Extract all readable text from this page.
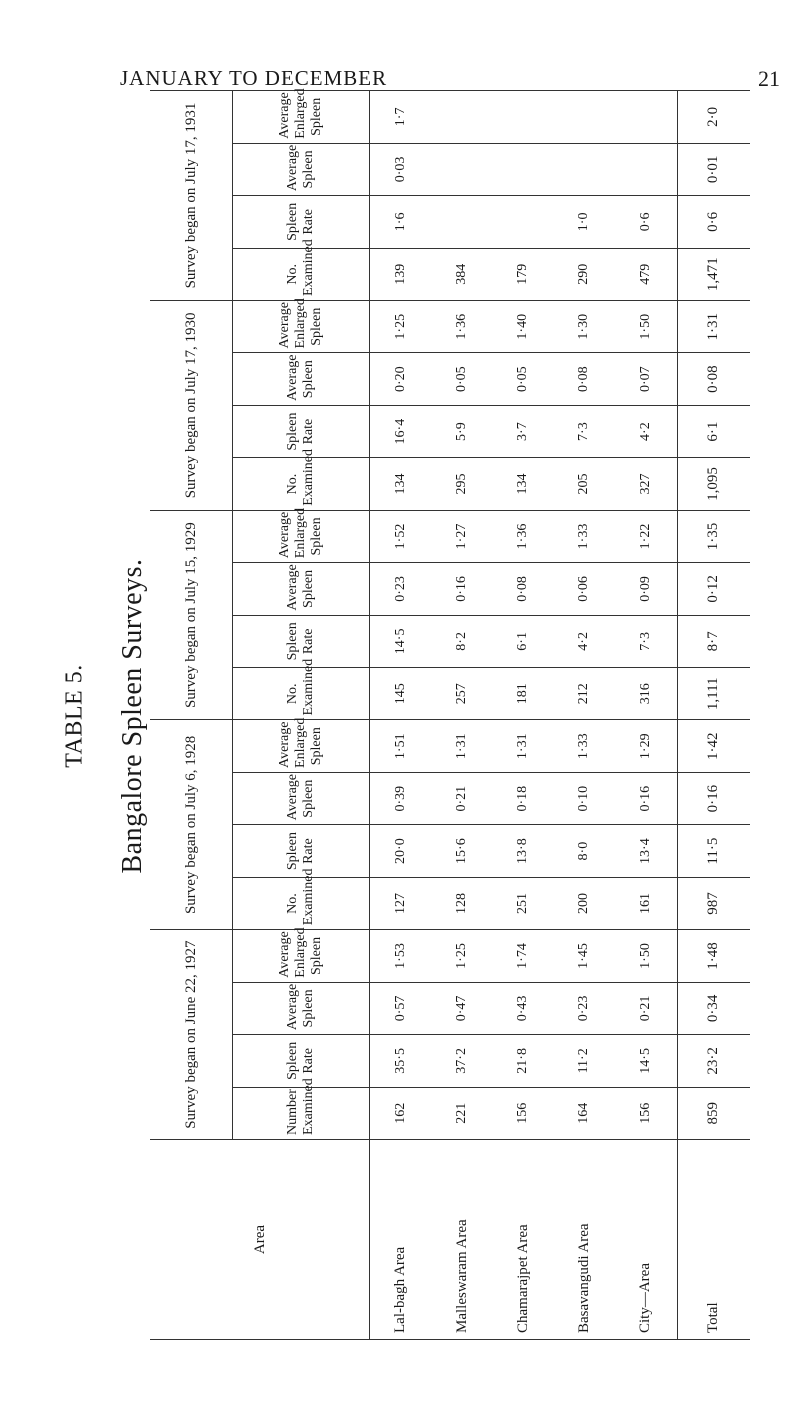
JANUARY TO DECEMBER	21
TABLE 5. Bangalore Spleen Surveys.
Area	Survey began on June 22, 1927				Survey began on July 6, 1928				Survey began on July 15, 1929				Survey began on July 17, 1930				Survey began on July 17, 1931			
	Number Examined	Spleen Rate	Average Spleen	Average Enlarged Spleen	No. Examined	Spleen Rate	Average Spleen	Average Enlarged Spleen	No. Examined	Spleen Rate	Average Spleen	Average Enlarged Spleen	No. Examined	Spleen Rate	Average Spleen	Average Enlarged Spleen	No. Examined	Spleen Rate	Average Spleen	Average Enlarged Spleen
Lal-bagh Area	162	35·5	0·57	1·53	127	20·0	0·39	1·51	145	14·5	0·23	1·52	134	16·4	0·20	1·25	139	1·6	0·03	1·7
Malleswaram Area	221	37·2	0·47	1·25	128	15·6	0·21	1·31	257	8·2	0·16	1·27	295	5·9	0·05	1·36	384			
Chamarajpet Area	156	21·8	0·43	1·74	251	13·8	0·18	1·31	181	6·1	0·08	1·36	134	3·7	0·05	1·40	179			
Basavangudi Area	164	11·2	0·23	1·45	200	8·0	0·10	1·33	212	4·2	0·06	1·33	205	7·3	0·08	1·30	290	1·0		
City—Area	156	14·5	0·21	1·50	161	13·4	0·16	1·29	316	7·3	0·09	1·22	327	4·2	0·07	1·50	479	0·6		
Total	859	23·2	0·34	1·48	987	11·5	0·16	1·42	1,111	8·7	0·12	1·35	1,095	6·1	0·08	1·31	1,471	0·6	0·01	2·0
